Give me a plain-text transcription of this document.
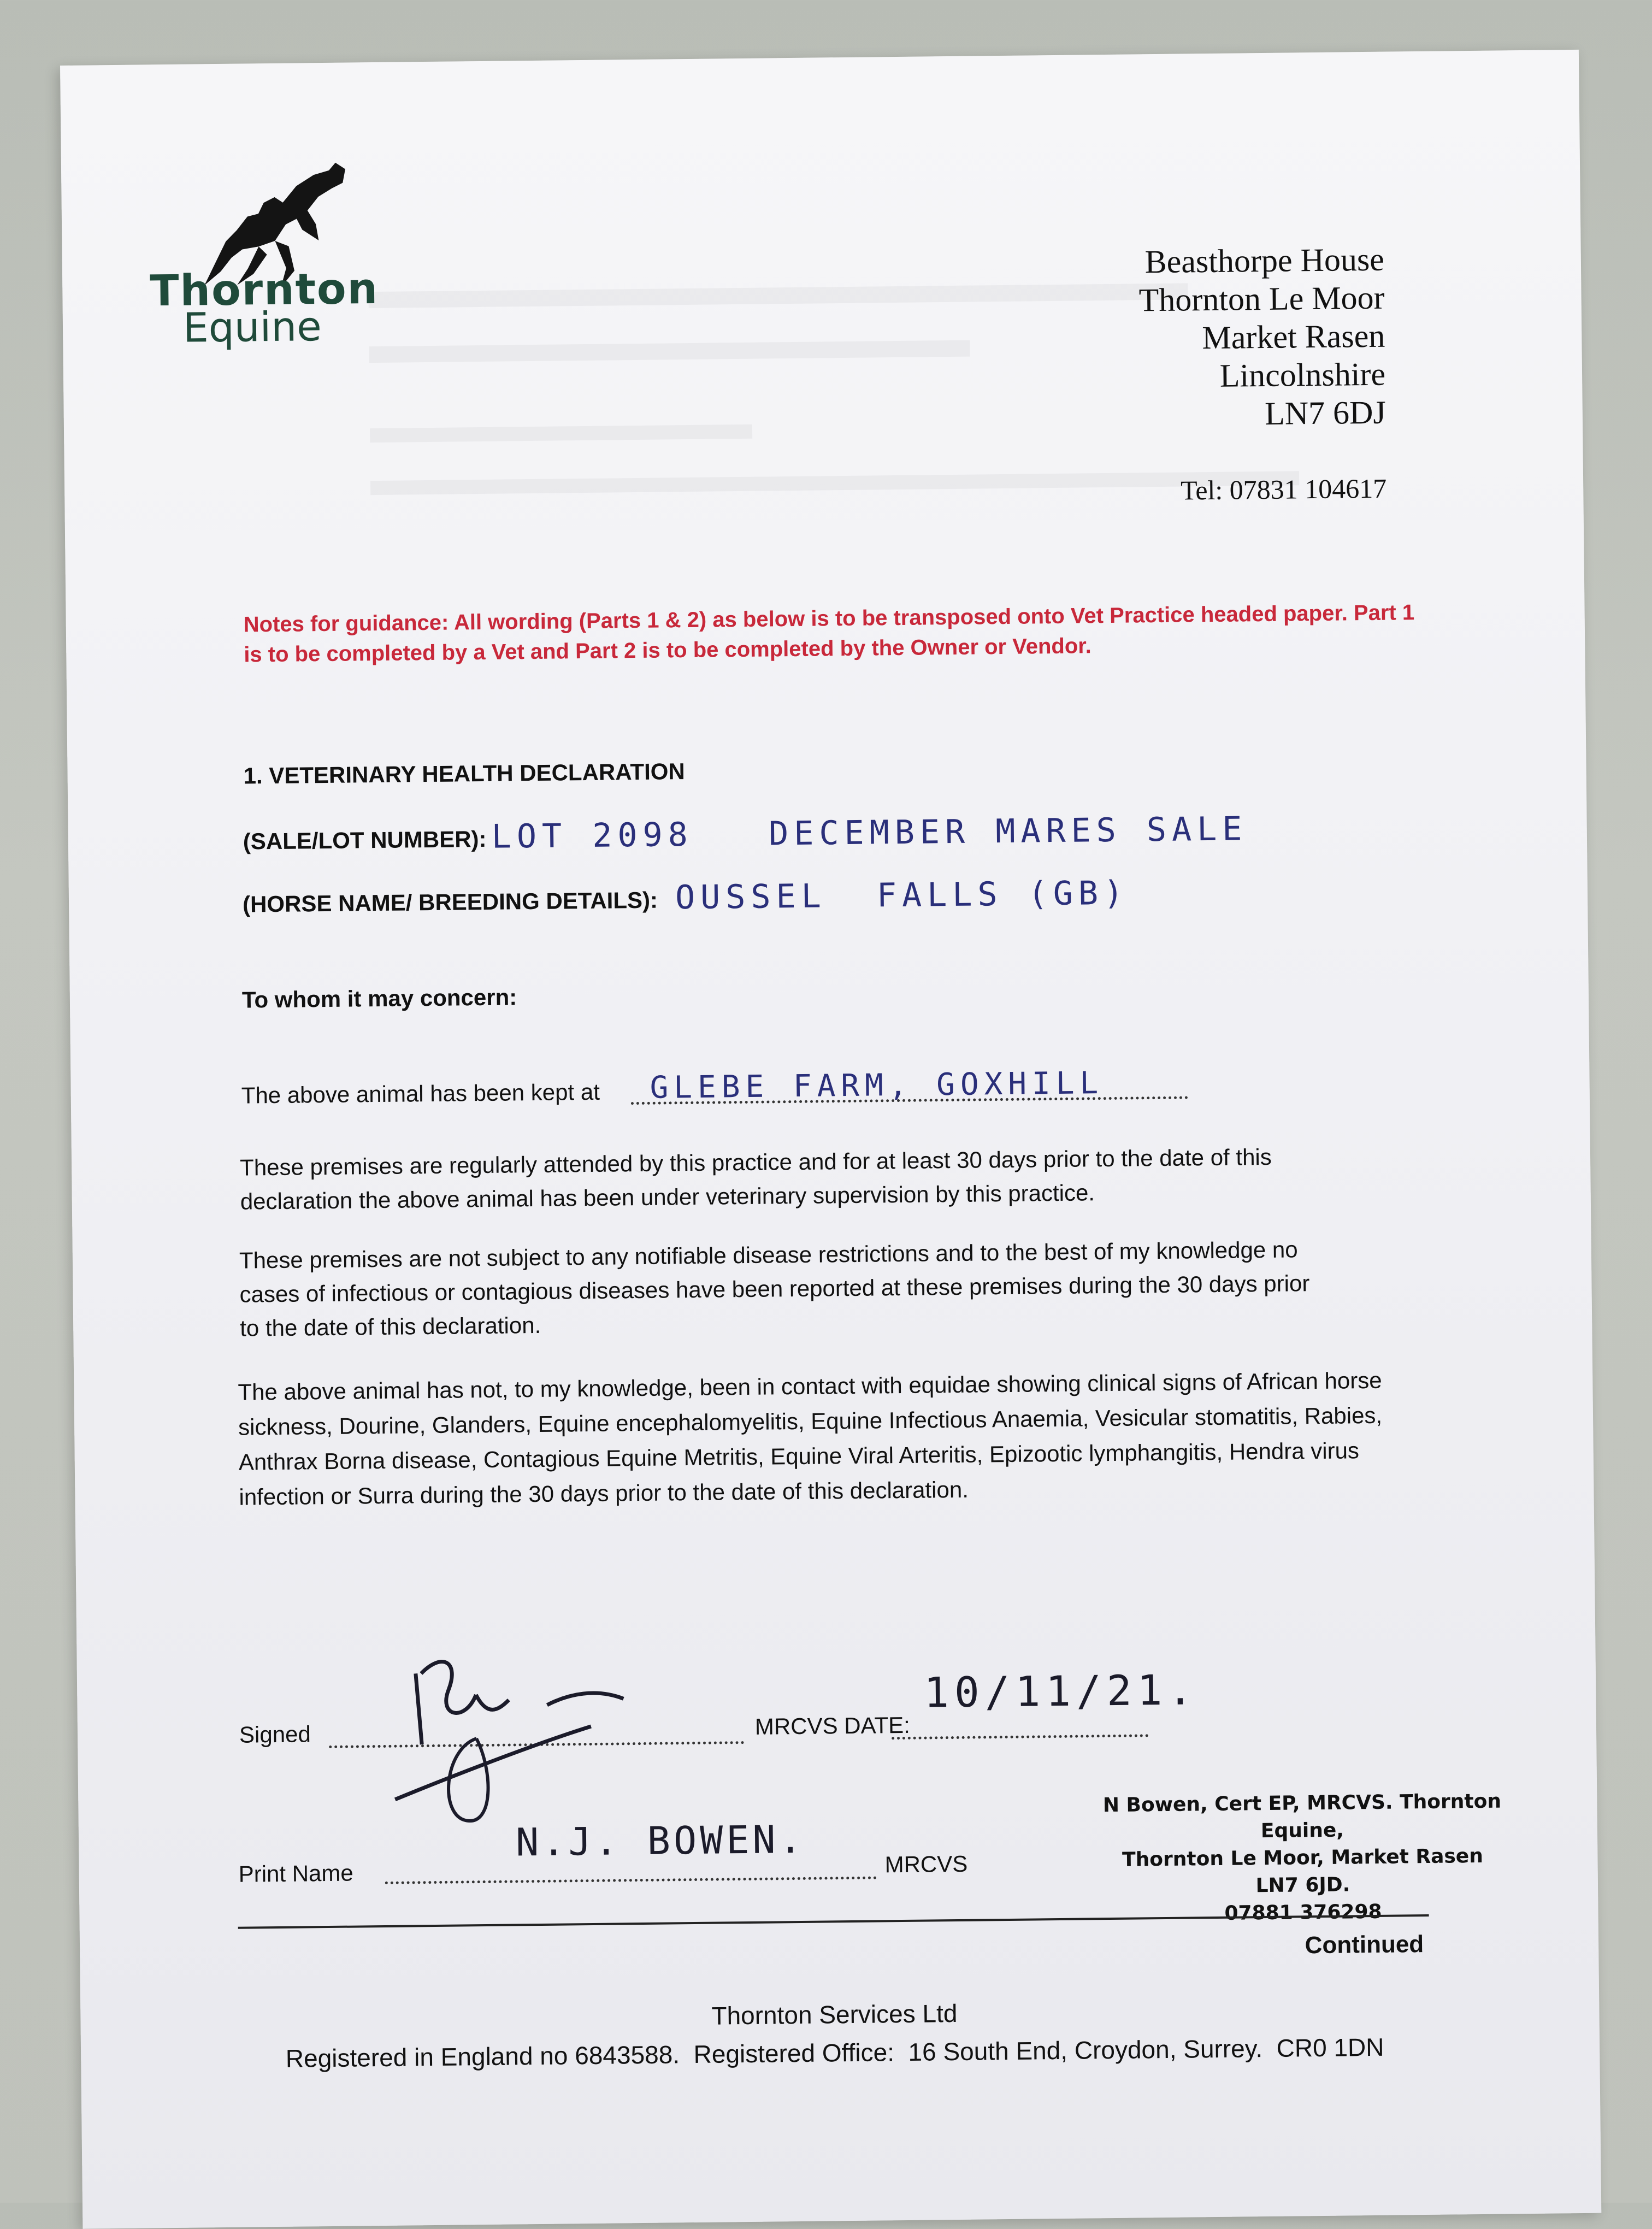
Thornton
Equine
Beasthorpe House
Thornton Le Moor
Market Rasen
Lincolnshire
LN7 6DJ
Tel: 07831 104617
Notes for guidance: All wording (Parts 1 & 2) as below is to be transposed onto Vet Practice headed paper. Part 1 is to be completed by a Vet and Part 2 is to be completed by the Owner or Vendor.
1. VETERINARY HEALTH DECLARATION
(SALE/LOT NUMBER): LOT 2098   DECEMBER MARES SALE
(HORSE NAME/ BREEDING DETAILS): OUSSEL  FALLS (GB)
To whom it may concern:
The above animal has been kept at GLEBE FARM, GOXHILL
These premises are regularly attended by this practice and for at least 30 days prior to the date of this declaration the above animal has been under veterinary supervision by this practice.
These premises are not subject to any notifiable disease restrictions and to the best of my knowledge no cases of infectious or contagious diseases have been reported at these premises during the 30 days prior to the date of this declaration.
The above animal has not, to my knowledge, been in contact with equidae showing clinical signs of African horse sickness, Dourine, Glanders, Equine encephalomyelitis, Equine Infectious Anaemia, Vesicular stomatitis, Rabies, Anthrax Borna disease, Contagious Equine Metritis, Equine Viral Arteritis, Epizootic lymphangitis, Hendra virus infection or Surra during the 30 days prior to the date of this declaration.
Signed	MRCVS DATE:
10/11/21.
Print Name
N.J. BOWEN.	MRCVS
N Bowen, Cert EP, MRCVS. Thornton Equine,
Thornton Le Moor, Market Rasen LN7 6JD.
07881 376298
Continued
Thornton Services Ltd
Registered in England no 6843588.  Registered Office:  16 South End, Croydon, Surrey.  CR0 1DN
